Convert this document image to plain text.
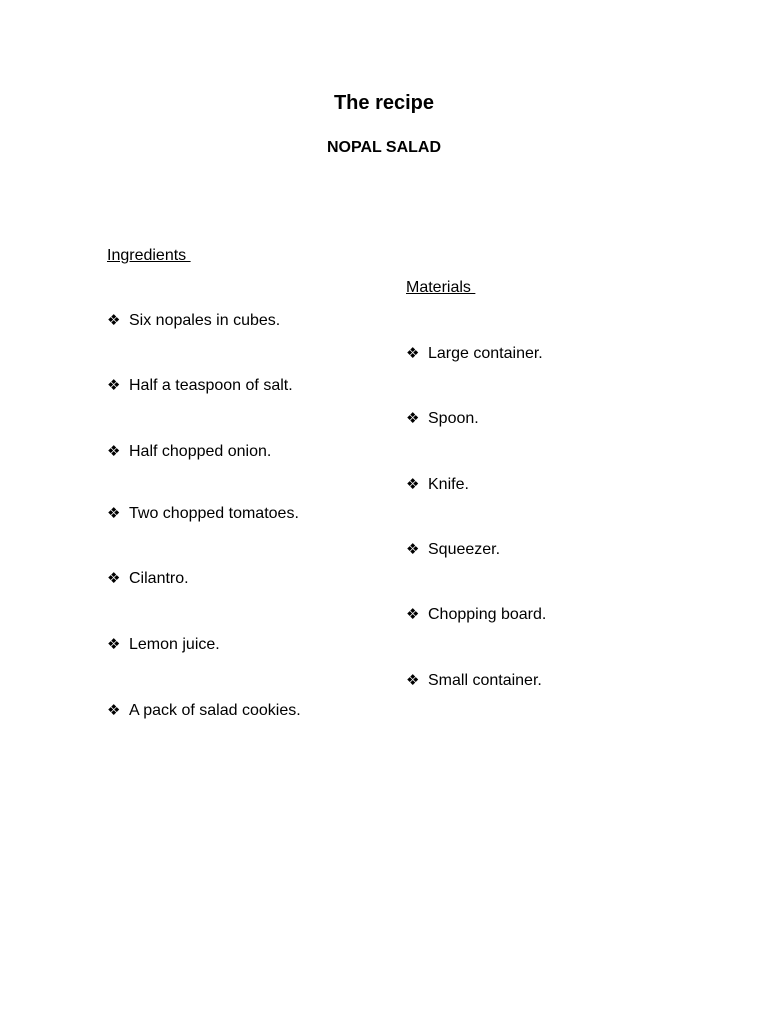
The recipe
NOPAL SALAD
Ingredients
Materials
❖ Six nopales in cubes.
❖ Half a teaspoon of salt.
❖ Half chopped onion.
❖ Two chopped tomatoes.
❖ Cilantro.
❖ Lemon juice.
❖ A pack of salad cookies.
❖ Large container.
❖ Spoon.
❖ Knife.
❖ Squeezer.
❖ Chopping board.
❖ Small container.
